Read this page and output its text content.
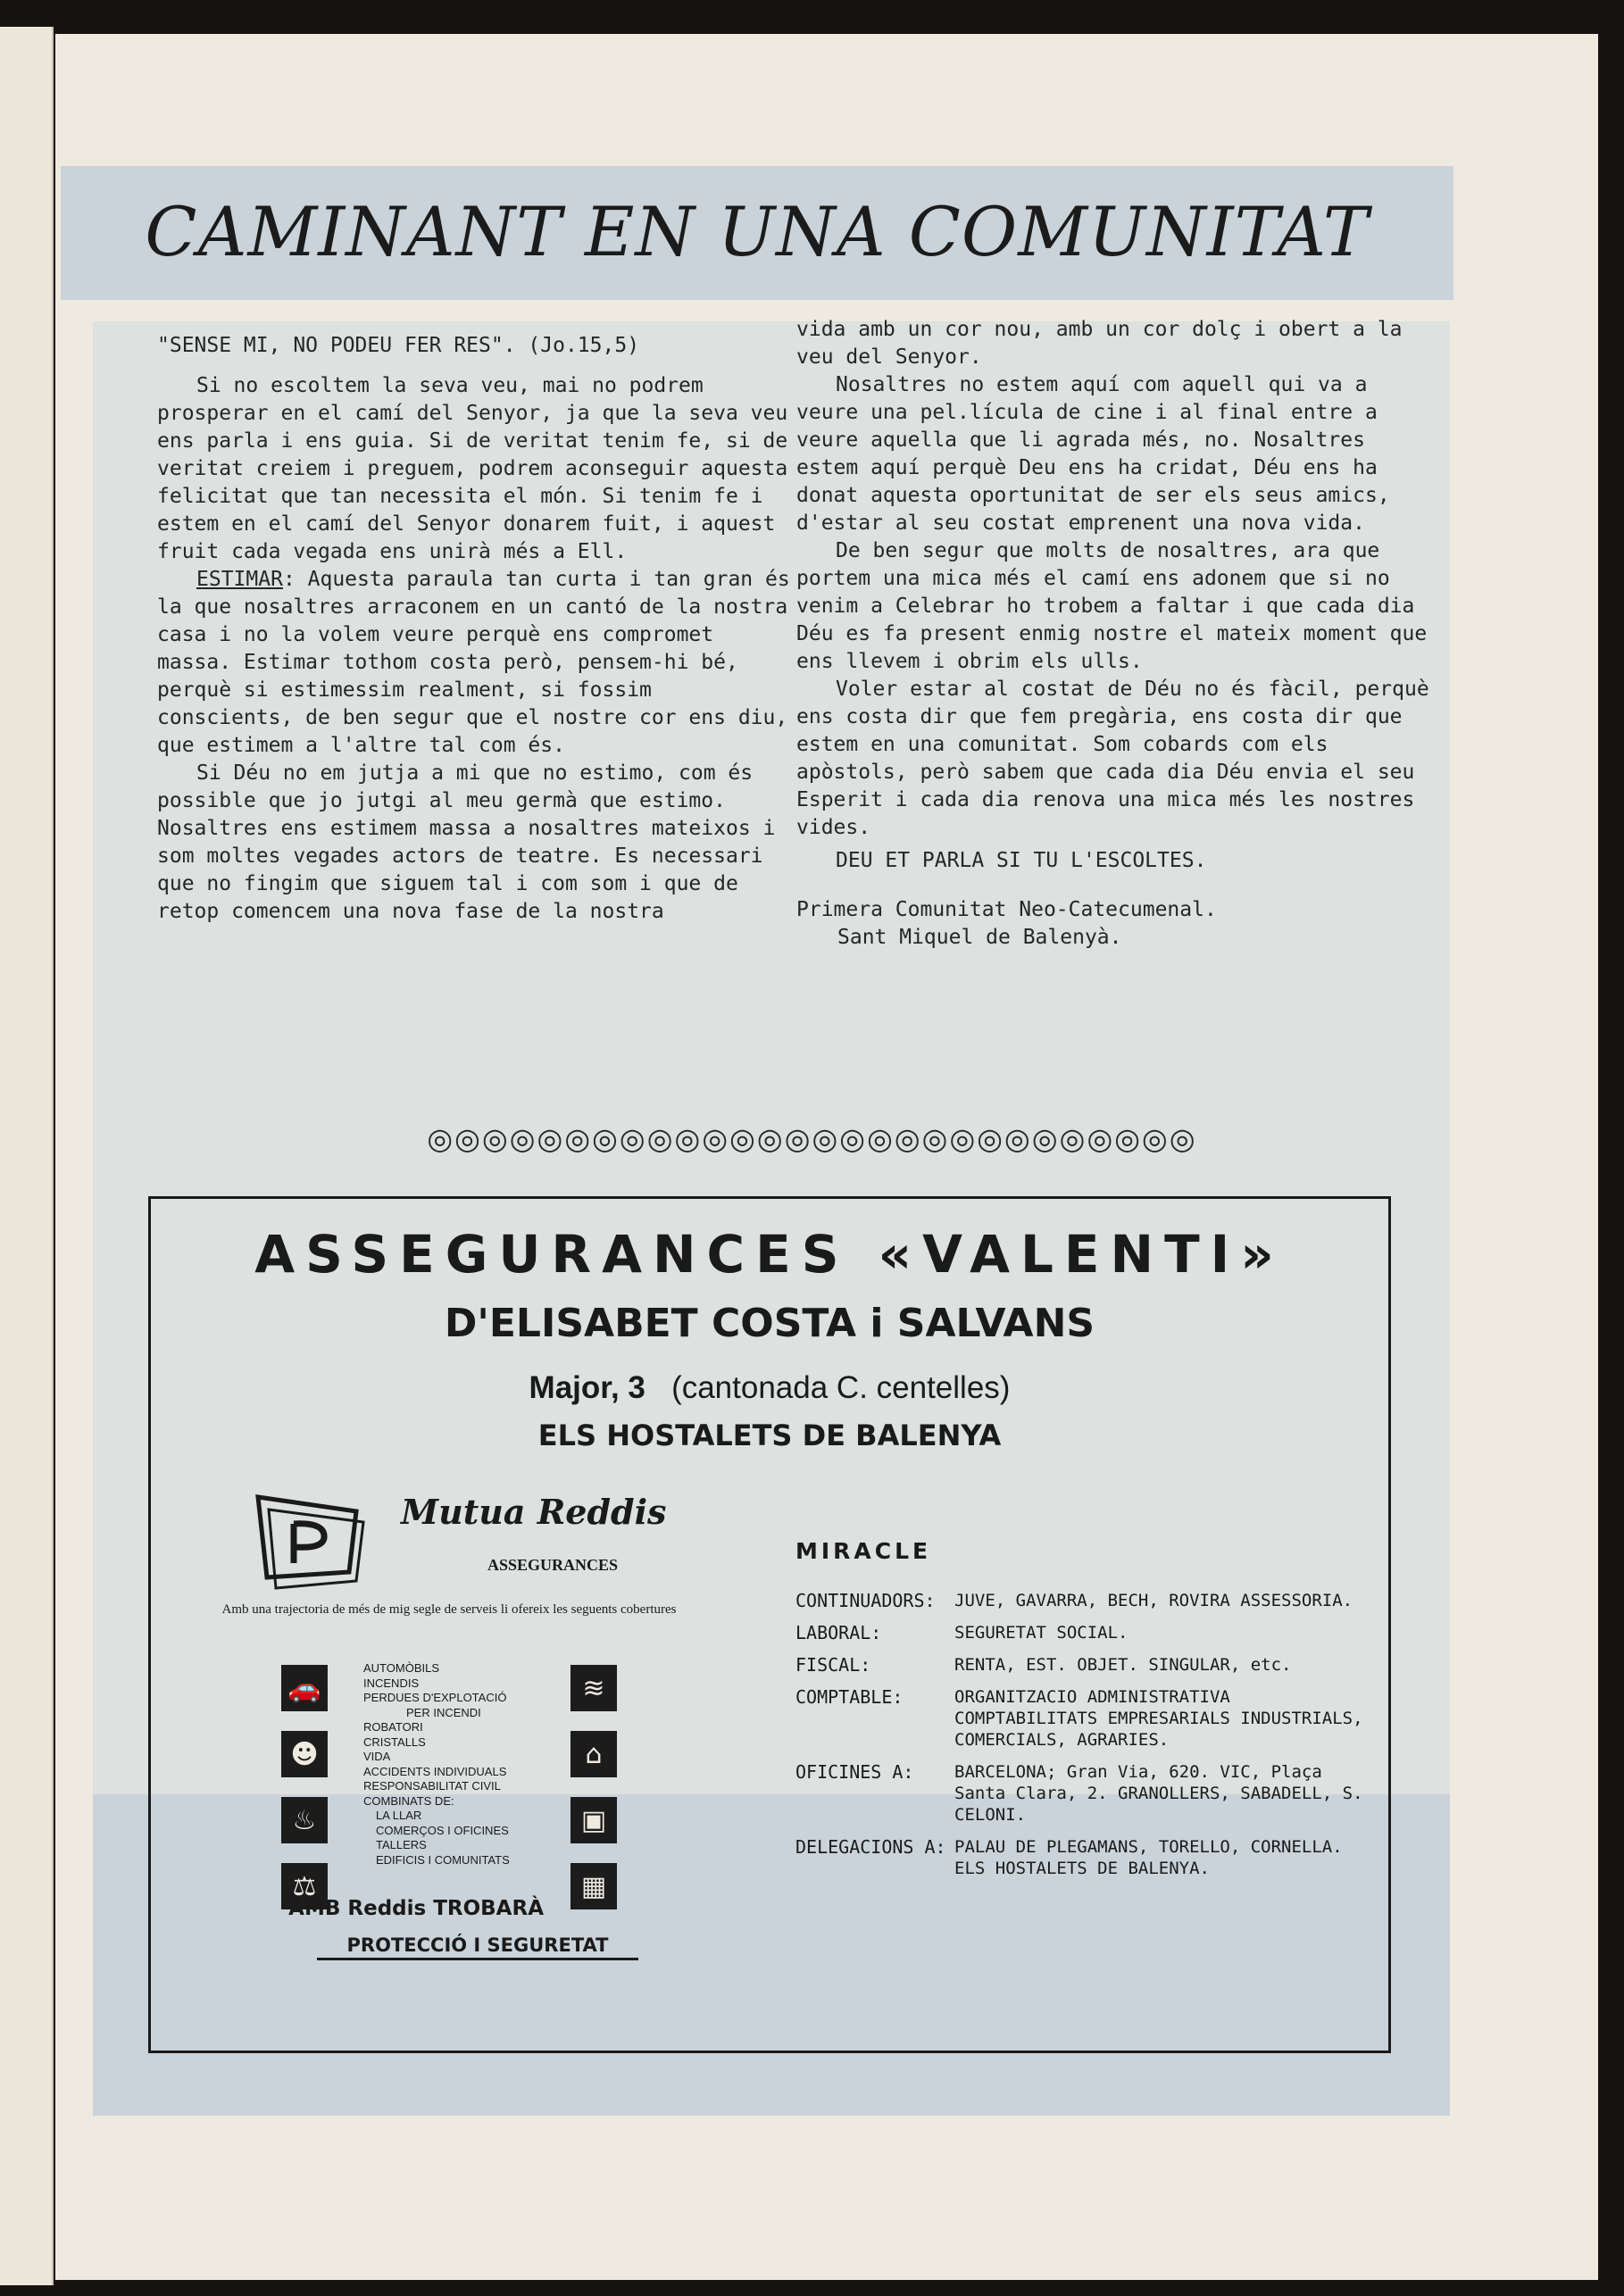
CAMINANT EN UNA COMUNITAT

"SENSE MI, NO PODEU FER RES". (Jo.15,5)

Si no escoltem la seva veu, mai no podrem prosperar en el camí del Senyor, ja que la seva veu ens parla i ens guia. Si de veritat tenim fe, si de veritat creiem i preguem, podrem aconseguir aquesta felicitat que tan necessita el món. Si tenim fe i estem en el camí del Senyor donarem fuit, i aquest fruit cada vegada ens unirà més a Ell.

ESTIMAR: Aquesta paraula tan curta i tan gran és la que nosaltres arraconem en un cantó de la nostra casa i no la volem veure perquè ens compromet massa. Estimar tothom costa però, pensem-hi bé, perquè si estimessim realment, si fossim conscients, de ben segur que el nostre cor ens diu, que estimem a l'altre tal com és.

Si Déu no em jutja a mi que no estimo, com és possible que jo jutgi al meu germà que estimo. Nosaltres ens estimem massa a nosaltres mateixos i som moltes vegades actors de teatre. Es necessari que no fingim que siguem tal i com som i que de retop comencem una nova fase de la nostra

vida amb un cor nou, amb un cor dolç i obert a la veu del Senyor.

Nosaltres no estem aquí com aquell qui va a veure una pel.lícula de cine i al final entre a veure aquella que li agrada més, no. Nosaltres estem aquí perquè Deu ens ha cridat, Déu ens ha donat aquesta oportunitat de ser els seus amics, d'estar al seu costat emprenent una nova vida.

De ben segur que molts de nosaltres, ara que portem una mica més el camí ens adonem que si no venim a Celebrar ho trobem a faltar i que cada dia Déu es fa present enmig nostre el mateix moment que ens llevem i obrim els ulls.

Voler estar al costat de Déu no és fàcil, perquè ens costa dir que fem pregària, ens costa dir que estem en una comunitat. Som cobards com els apòstols, però sabem que cada dia Déu envia el seu Esperit i cada dia renova una mica més les nostres vides.

DEU ET PARLA SI TU L'ESCOLTES.

Primera Comunitat Neo-Catecumenal.

Sant Miquel de Balenyà.

◎◎◎◎◎◎◎◎◎◎◎◎◎◎◎◎◎◎◎◎◎◎◎◎◎◎◎◎
ASSEGURANCES «VALENTI»
D'ELISABET COSTA i SALVANS
Major, 3 (cantonada C. centelles)
ELS HOSTALETS DE BALENYA
Mutua Reddis
ASSEGURANCES
Amb una trajectoria de més de mig segle de serveis li ofereix les seguents cobertures
🚗
☻
♨
⚖
AUTOMÒBILS
INCENDIS
PERDUES D'EXPLOTACIÓ
PER INCENDI
ROBATORI
CRISTALLS
VIDA
ACCIDENTS INDIVIDUALS
RESPONSABILITAT CIVIL
COMBINATS DE:
LA LLAR
COMERÇOS I OFICINES
TALLERS
EDIFICIS I COMUNITATS
≋
⌂
▣
▦
AMB Reddis TROBARÀ
PROTECCIÓ I SEGURETAT
MIRACLE
CONTINUADORS:	JUVE, GAVARRA, BECH, ROVIRA ASSESSORIA.
LABORAL:	SEGURETAT SOCIAL.
FISCAL:	RENTA, EST. OBJET. SINGULAR, etc.
COMPTABLE:	ORGANITZACIO ADMINISTRATIVA COMPTABILITATS EMPRESARIALS INDUSTRIALS, COMERCIALS, AGRARIES.
OFICINES A:	BARCELONA; Gran Via, 620. VIC, Plaça Santa Clara, 2. GRANOLLERS, SABADELL, S. CELONI.
DELEGACIONS A: PALAU DE PLEGAMANS, TORELLO, CORNELLA. ELS HOSTALETS DE BALENYA.
